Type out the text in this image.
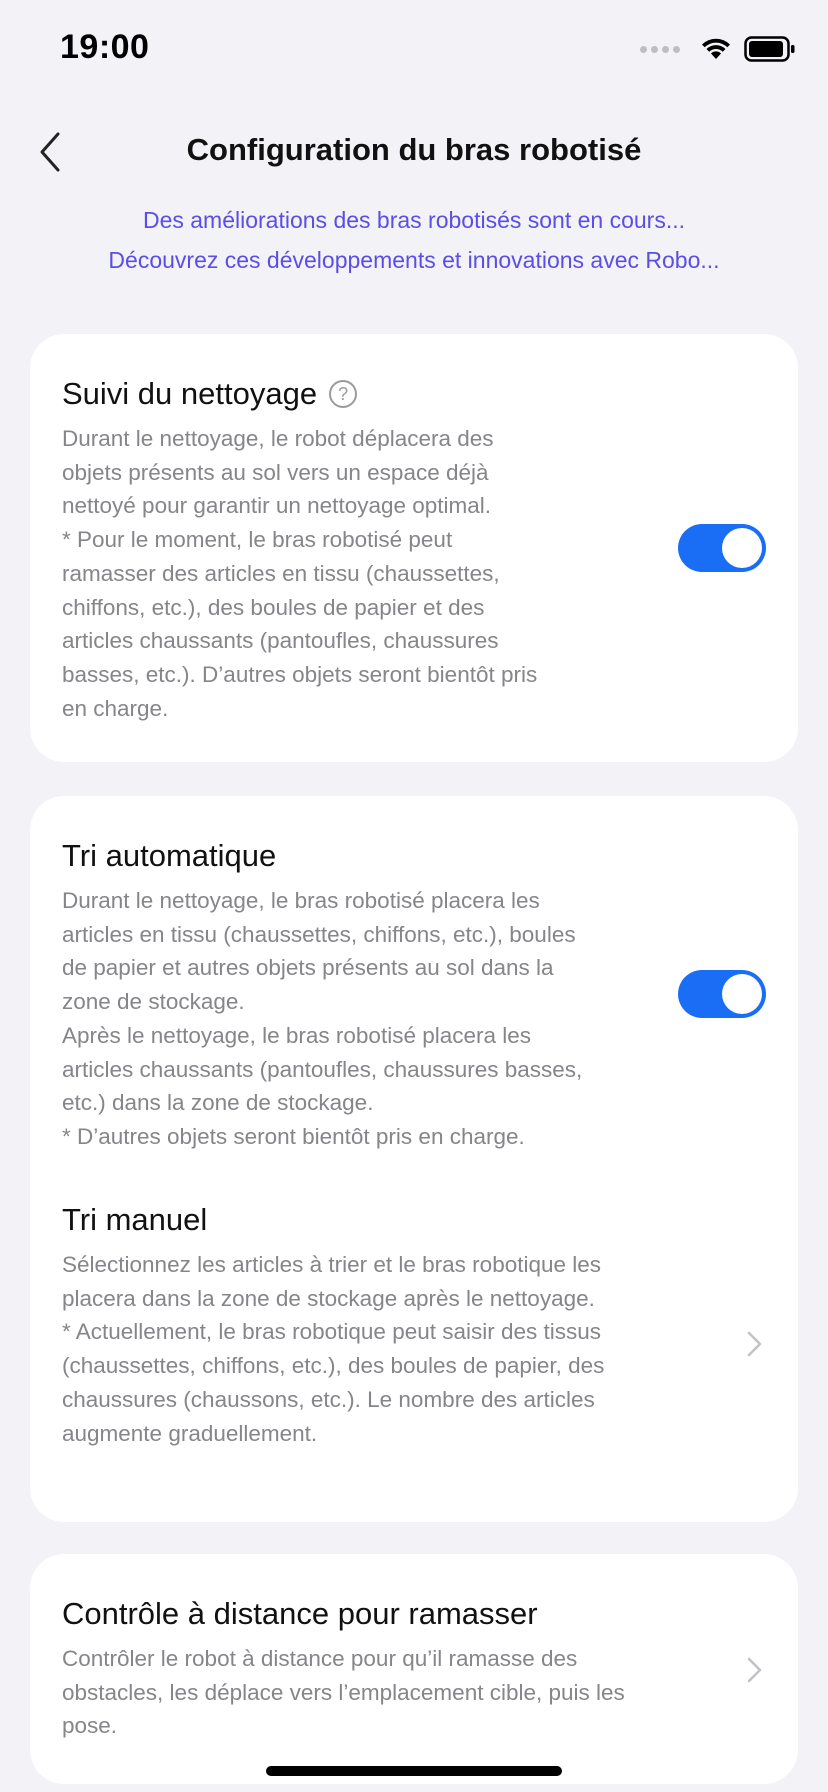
19:00
Configuration du bras robotisé
Des améliorations des bras robotisés sont en cours...
Découvrez ces développements et innovations avec Robo...
Suivi du nettoyage	?
Durant le nettoyage, le robot déplacera des objets présents au sol vers un espace déjà nettoyé pour garantir un nettoyage optimal.
* Pour le moment, le bras robotisé peut ramasser des articles en tissu (chaussettes, chiffons, etc.), des boules de papier et des articles chaussants (pantoufles, chaussures basses, etc.). D’autres objets seront bientôt pris en charge.
Tri automatique
Durant le nettoyage, le bras robotisé placera les articles en tissu (chaussettes, chiffons, etc.), boules de papier et autres objets présents au sol dans la zone de stockage.
Après le nettoyage, le bras robotisé placera les articles chaussants (pantoufles, chaussures basses, etc.) dans la zone de stockage.
* D’autres objets seront bientôt pris en charge.
Tri manuel
Sélectionnez les articles à trier et le bras robotique les placera dans la zone de stockage après le nettoyage.
* Actuellement, le bras robotique peut saisir des tissus (chaussettes, chiffons, etc.), des boules de papier, des chaussures (chaussons, etc.). Le nombre des articles augmente graduellement.
Contrôle à distance pour ramasser
Contrôler le robot à distance pour qu’il ramasse des obstacles, les déplace vers l’emplacement cible, puis les pose.
